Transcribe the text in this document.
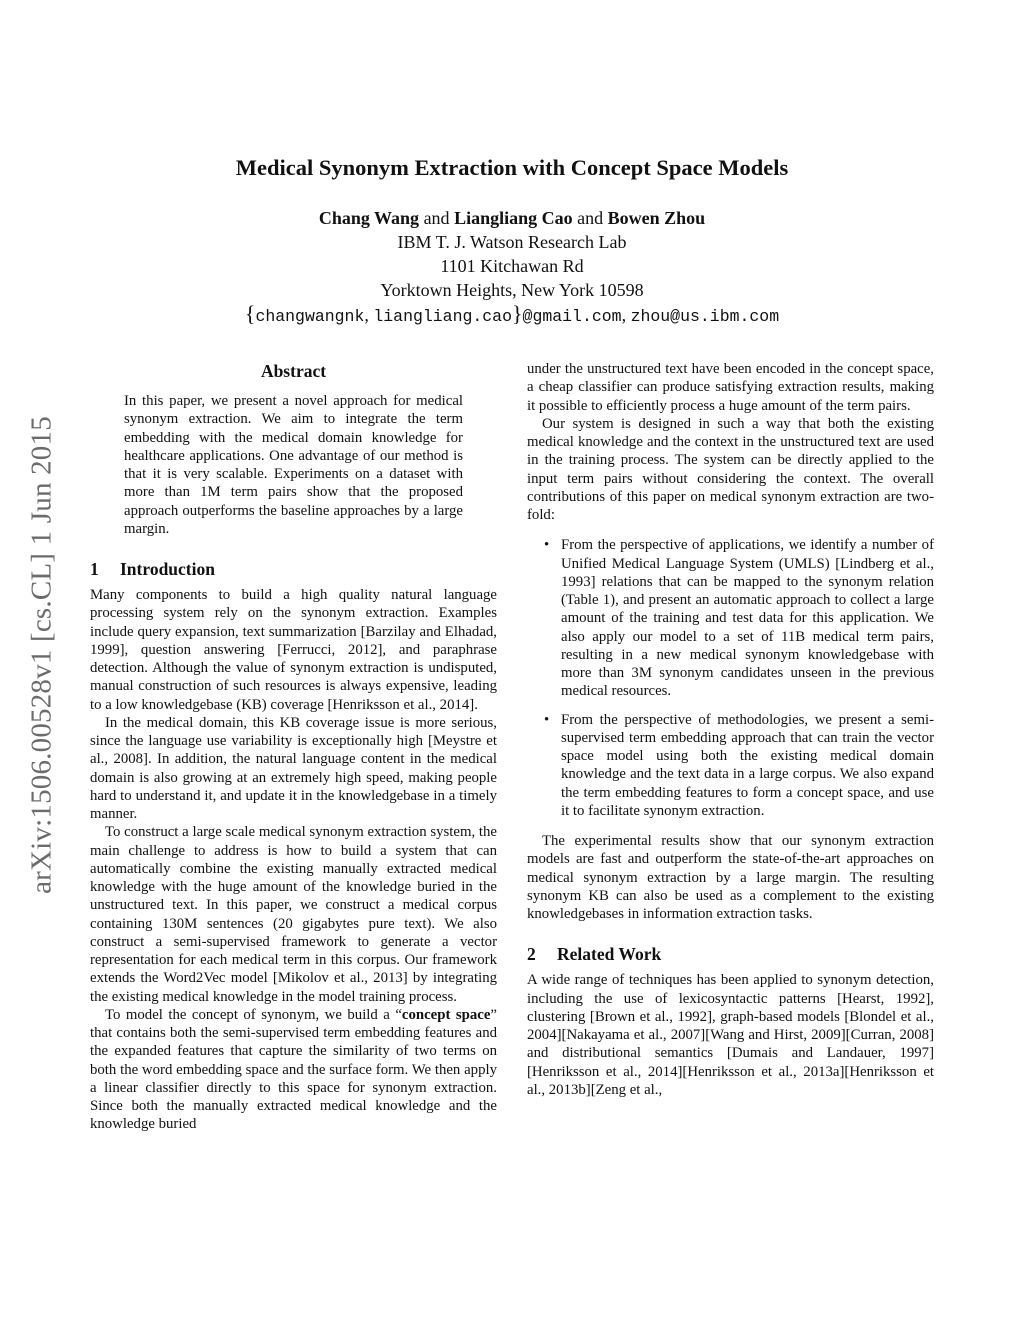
arXiv:1506.00528v1 [cs.CL] 1 Jun 2015
Medical Synonym Extraction with Concept Space Models
Chang Wang and Liangliang Cao and Bowen Zhou
IBM T. J. Watson Research Lab
1101 Kitchawan Rd
Yorktown Heights, New York 10598
{changwangnk, liangliang.cao}@gmail.com, zhou@us.ibm.com
Abstract

In this paper, we present a novel approach for medical synonym extraction. We aim to integrate the term embedding with the medical domain knowledge for healthcare applications. One advantage of our method is that it is very scalable. Experiments on a dataset with more than 1M term pairs show that the proposed approach outperforms the baseline approaches by a large margin.

1 Introduction

Many components to build a high quality natural language processing system rely on the synonym extraction. Examples include query expansion, text summarization [Barzilay and Elhadad, 1999], question answering [Ferrucci, 2012], and paraphrase detection. Although the value of synonym extraction is undisputed, manual construction of such resources is always expensive, leading to a low knowledgebase (KB) coverage [Henriksson et al., 2014].

In the medical domain, this KB coverage issue is more serious, since the language use variability is exceptionally high [Meystre et al., 2008]. In addition, the natural language content in the medical domain is also growing at an extremely high speed, making people hard to understand it, and update it in the knowledgebase in a timely manner.

To construct a large scale medical synonym extraction system, the main challenge to address is how to build a system that can automatically combine the existing manually extracted medical knowledge with the huge amount of the knowledge buried in the unstructured text. In this paper, we construct a medical corpus containing 130M sentences (20 gigabytes pure text). We also construct a semi-supervised framework to generate a vector representation for each medical term in this corpus. Our framework extends the Word2Vec model [Mikolov et al., 2013] by integrating the existing medical knowledge in the model training process.

To model the concept of synonym, we build a “concept space” that contains both the semi-supervised term embedding features and the expanded features that capture the similarity of two terms on both the word embedding space and the surface form. We then apply a linear classifier directly to this space for synonym extraction. Since both the manually extracted medical knowledge and the knowledge buried

under the unstructured text have been encoded in the concept space, a cheap classifier can produce satisfying extraction results, making it possible to efficiently process a huge amount of the term pairs.

Our system is designed in such a way that both the existing medical knowledge and the context in the unstructured text are used in the training process. The system can be directly applied to the input term pairs without considering the context. The overall contributions of this paper on medical synonym extraction are two-fold:

• From the perspective of applications, we identify a number of Unified Medical Language System (UMLS) [Lindberg et al., 1993] relations that can be mapped to the synonym relation (Table 1), and present an automatic approach to collect a large amount of the training and test data for this application. We also apply our model to a set of 11B medical term pairs, resulting in a new medical synonym knowledgebase with more than 3M synonym candidates unseen in the previous medical resources.
• From the perspective of methodologies, we present a semi-supervised term embedding approach that can train the vector space model using both the existing medical domain knowledge and the text data in a large corpus. We also expand the term embedding features to form a concept space, and use it to facilitate synonym extraction.

The experimental results show that our synonym extraction models are fast and outperform the state-of-the-art approaches on medical synonym extraction by a large margin. The resulting synonym KB can also be used as a complement to the existing knowledgebases in information extraction tasks.

2 Related Work

A wide range of techniques has been applied to synonym detection, including the use of lexicosyntactic patterns [Hearst, 1992], clustering [Brown et al., 1992], graph-based models [Blondel et al., 2004][Nakayama et al., 2007][Wang and Hirst, 2009][Curran, 2008] and distributional semantics [Dumais and Landauer, 1997][Henriksson et al., 2014][Henriksson et al., 2013a][Henriksson et al., 2013b][Zeng et al.,
